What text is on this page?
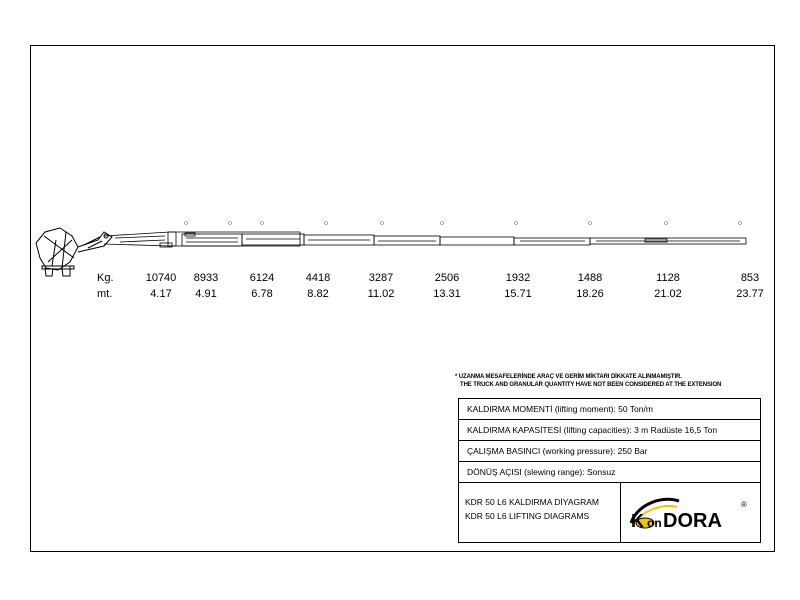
Kg.
mt.
10740
4.17
8933
4.91
6124
6.78
4418
8.82
3287
11.02
2506
13.31
1932
15.71
1488
18.26
1128
21.02
853
23.77
* UZANMA MESAFELERİNDE ARAÇ VE GERİM MİKTARI DİKKATE ALINMAMIŞTIR.
THE TRUCK AND GRANULAR QUANTITY HAVE NOT BEEN CONSIDERED AT THE EXTENSION
KALDIRMA MOMENTİ (lifting moment): 50 Ton/m
KALDIRMA KAPASİTESİ (lifting capacities): 3 m Radüste 16,5 Ton
ÇALIŞMA BASINCI (working pressure): 250 Bar
DÖNÜŞ AÇISI (slewing range): Sonsuz
KDR 50 L6 KALDIRMA DİYAGRAM
KDR 50 L6 LIFTING DIAGRAMS K on DORA
®
